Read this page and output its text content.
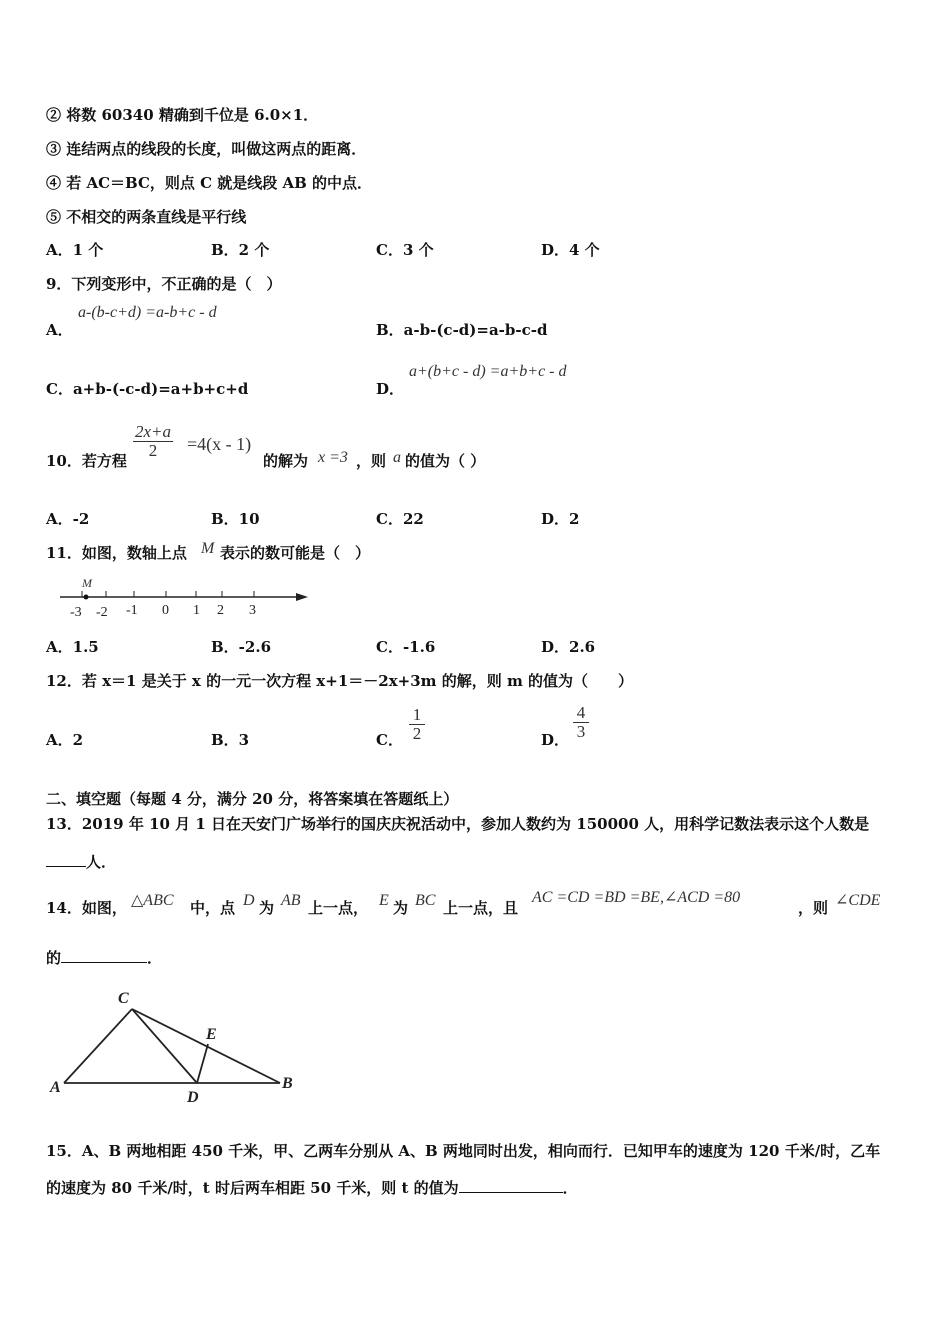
② 将数 60340 精确到千位是 6.0×1．
③ 连结两点的线段的长度，叫做这两点的距离．
④ 若 AC＝BC，则点 C 就是线段 AB 的中点．
⑤ 不相交的两条直线是平行线
A．1 个	B．2 个	C．3 个	D．4 个
9．下列变形中，不正确的是（　）
A．
a-(b-c+d) =a-b+c - d
B．a-b-(c-d)=a-b-c-d
C．a+b-(-c-d)=a+b+c+d	D．
a+(b+c - d) =a+b+c - d
10．若方程
2x+a
2 =4(x - 1)
的解为 x =3 ，则 a 的值为（ ）
A．-2	B．10	C．22	D．2
11．如图，数轴上点 M 表示的数可能是（　）
M
-3 -2 -1 0 1 2 3
A．1.5	B．-2.6	C．-1.6	D．2.6
12．若 x＝1 是关于 x 的一元一次方程 x+1＝－2x+3m 的解，则 m 的值为（　　）
A．2	B．3	C．
1
2	D．
4
3
二、填空题（每题 4 分，满分 20 分，将答案填在答题纸上）
13．2019 年 10 月 1 日在天安门广场举行的国庆庆祝活动中，参加人数约为 150000 人，用科学记数法表示这个人数是
人．
14．如图， △ABC 中，点 D 为 AB 上一点， E 为 BC 上一点，且
AC =CD =BD =BE,∠ACD =80
，则 ∠CDE
的	．
C
E
A
D
B
15．A、B 两地相距 450 千米，甲、乙两车分别从 A、B 两地同时出发，相向而行．已知甲车的速度为 120 千米/时，乙车
的速度为 80 千米/时，t 时后两车相距 50 千米，则 t 的值为	．
